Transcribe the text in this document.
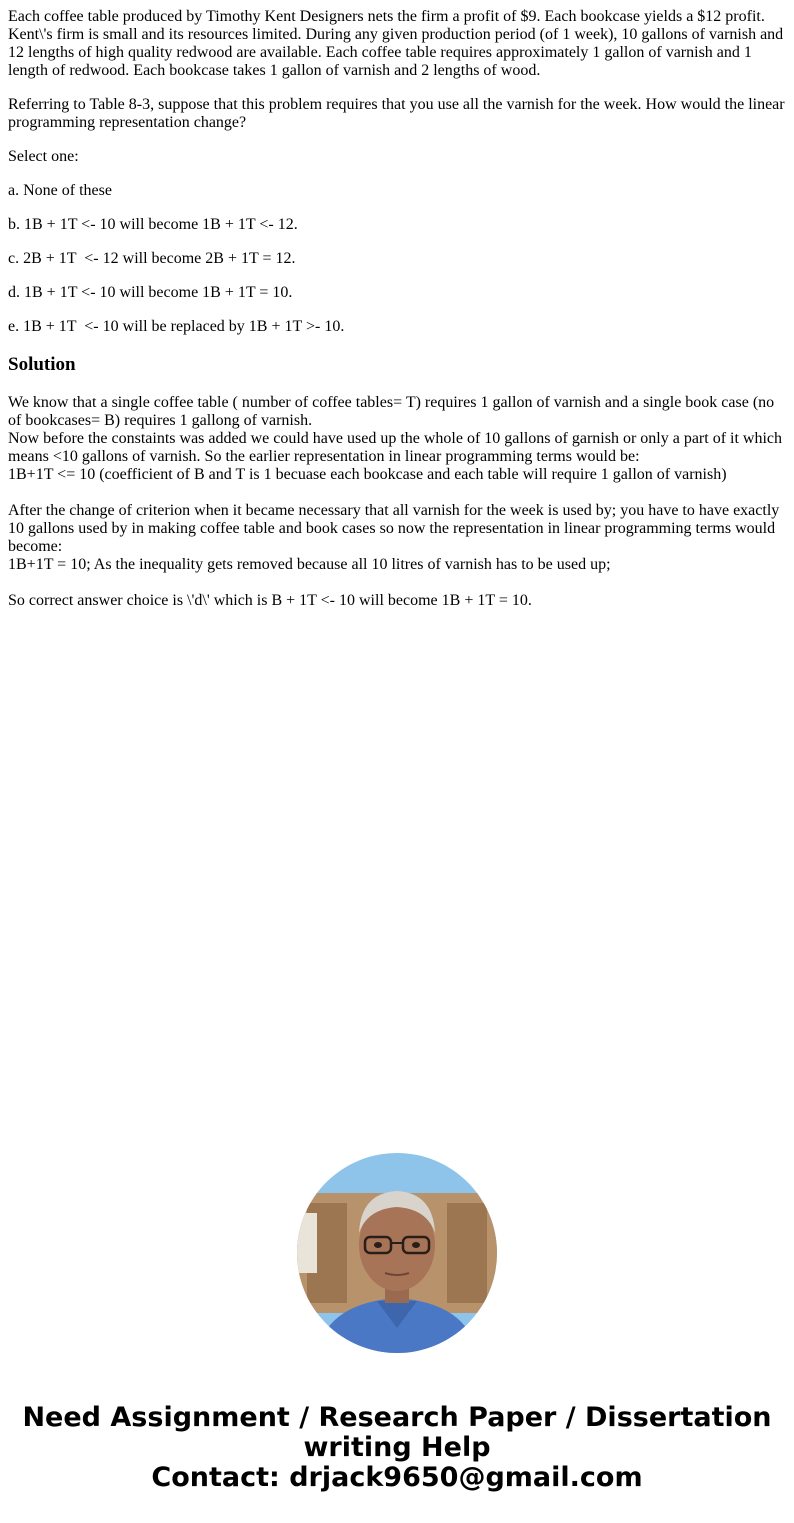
Each coffee table produced by Timothy Kent Designers nets the firm a profit of $9. Each bookcase yields a $12 profit. Kent\'s firm is small and its resources limited. During any given production period (of 1 week), 10 gallons of varnish and 12 lengths of high quality redwood are available. Each coffee table requires approximately 1 gallon of varnish and 1 length of redwood. Each bookcase takes 1 gallon of varnish and 2 lengths of wood.

Referring to Table 8-3, suppose that this problem requires that you use all the varnish for the week. How would the linear programming representation change?

Select one:

a. None of these

b. 1B + 1T <- 10 will become 1B + 1T <- 12.

c. 2B + 1T  <- 12 will become 2B + 1T = 12.

d. 1B + 1T <- 10 will become 1B + 1T = 10.

e. 1B + 1T  <- 10 will be replaced by 1B + 1T >- 10.

Solution
We know that a single coffee table ( number of coffee tables= T) requires 1 gallon of varnish and a single book case (no of bookcases= B) requires 1 gallong of varnish.
Now before the constaints was added we could have used up the whole of 10 gallons of garnish or only a part of it which means <10 gallons of varnish. So the earlier representation in linear programming terms would be:
1B+1T <= 10 (coefficient of B and T is 1 becuase each bookcase and each table will require 1 gallon of varnish)
After the change of criterion when it became necessary that all varnish for the week is used by; you have to have exactly 10 gallons used by in making coffee table and book cases so now the representation in linear programming terms would become:
1B+1T = 10; As the inequality gets removed because all 10 litres of varnish has to be used up;
So correct answer choice is \'d\' which is B + 1T <- 10 will become 1B + 1T = 10.
Need Assignment / Research Paper / Dissertation
writing Help
Contact: drjack9650@gmail.com
